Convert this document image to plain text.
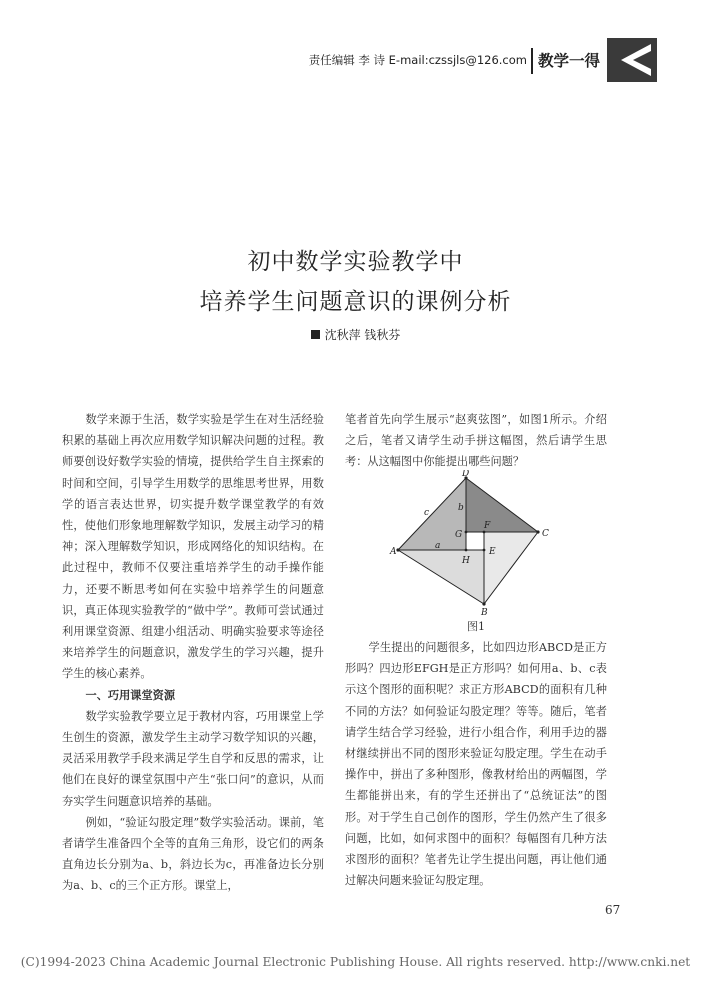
责任编辑 李 诗 E-mail:czssjls@126.com 教学一得
初中数学实验教学中
培养学生问题意识的课例分析
沈秋萍 钱秋芬

数学来源于生活，数学实验是学生在对生活经验积累的基础上再次应用数学知识解决问题的过程。教师要创设好数学实验的情境，提供给学生自主探索的时间和空间，引导学生用数学的思维思考世界，用数学的语言表达世界，切实提升数学课堂教学的有效性，使他们形象地理解数学知识，发展主动学习的精神；深入理解数学知识，形成网络化的知识结构。在此过程中，教师不仅要注重培养学生的动手操作能力，还要不断思考如何在实验中培养学生的问题意识，真正体现实验教学的“做中学”。教师可尝试通过利用课堂资源、组建小组活动、明确实验要求等途径来培养学生的问题意识，激发学生的学习兴趣，提升学生的核心素养。

一、巧用课堂资源

数学实验教学要立足于教材内容，巧用课堂上学生创生的资源，激发学生主动学习数学知识的兴趣，灵活采用教学手段来满足学生自学和反思的需求，让他们在良好的课堂氛围中产生“张口问”的意识，从而夯实学生问题意识培养的基础。

例如，“验证勾股定理”数学实验活动。课前，笔者请学生准备四个全等的直角三角形，设它们的两条直角边长分别为a、b，斜边长为c，再准备边长分别为a、b、c的三个正方形。课堂上，

笔者首先向学生展示“赵爽弦图”，如图1所示。介绍之后，笔者又请学生动手拼这幅图，然后请学生思考：从这幅图中你能提出哪些问题？

A
D
C
B
G
F
E
H
a
b
c
图1

学生提出的问题很多，比如四边形ABCD是正方形吗？四边形EFGH是正方形吗？如何用a、b、c表示这个图形的面积呢？求正方形ABCD的面积有几种不同的方法？如何验证勾股定理？等等。随后，笔者请学生结合学习经验，进行小组合作，利用手边的器材继续拼出不同的图形来验证勾股定理。学生在动手操作中，拼出了多种图形，像教材给出的两幅图，学生都能拼出来，有的学生还拼出了“总统证法”的图形。对于学生自己创作的图形，学生仍然产生了很多问题，比如，如何求图中的面积？每幅图有几种方法求图形的面积？笔者先让学生提出问题，再让他们通过解决问题来验证勾股定理。

67
(C)1994-2023 China Academic Journal Electronic Publishing House. All rights reserved. http://www.cnki.net
